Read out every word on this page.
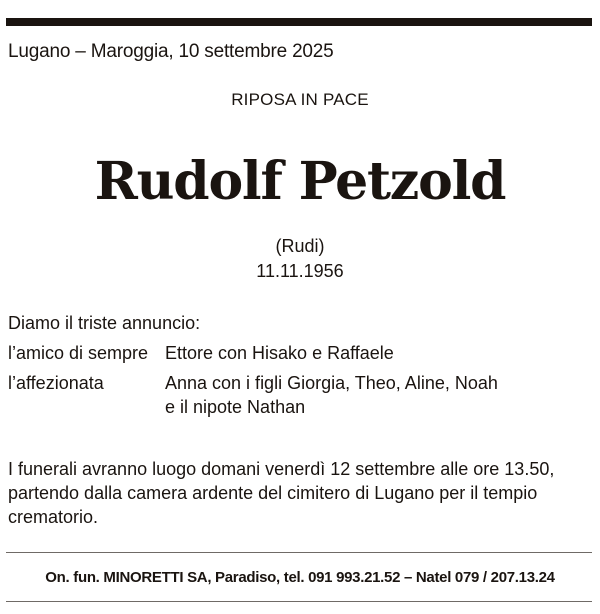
Lugano – Maroggia, 10 settembre 2025
RIPOSA IN PACE
Rudolf Petzold
(Rudi)
11.11.1956
Diamo il triste annuncio:
l’amico di sempre Ettore con Hisako e Raffaele
l’affezionata	Anna con i figli Giorgia, Theo, Aline, Noah
e il nipote Nathan
I funerali avranno luogo domani venerdì 12 settembre alle ore 13.50,
partendo dalla camera ardente del cimitero di Lugano per il tempio
crematorio.
On. fun. MINORETTI SA, Paradiso, tel. 091 993.21.52 – Natel 079 / 207.13.24
